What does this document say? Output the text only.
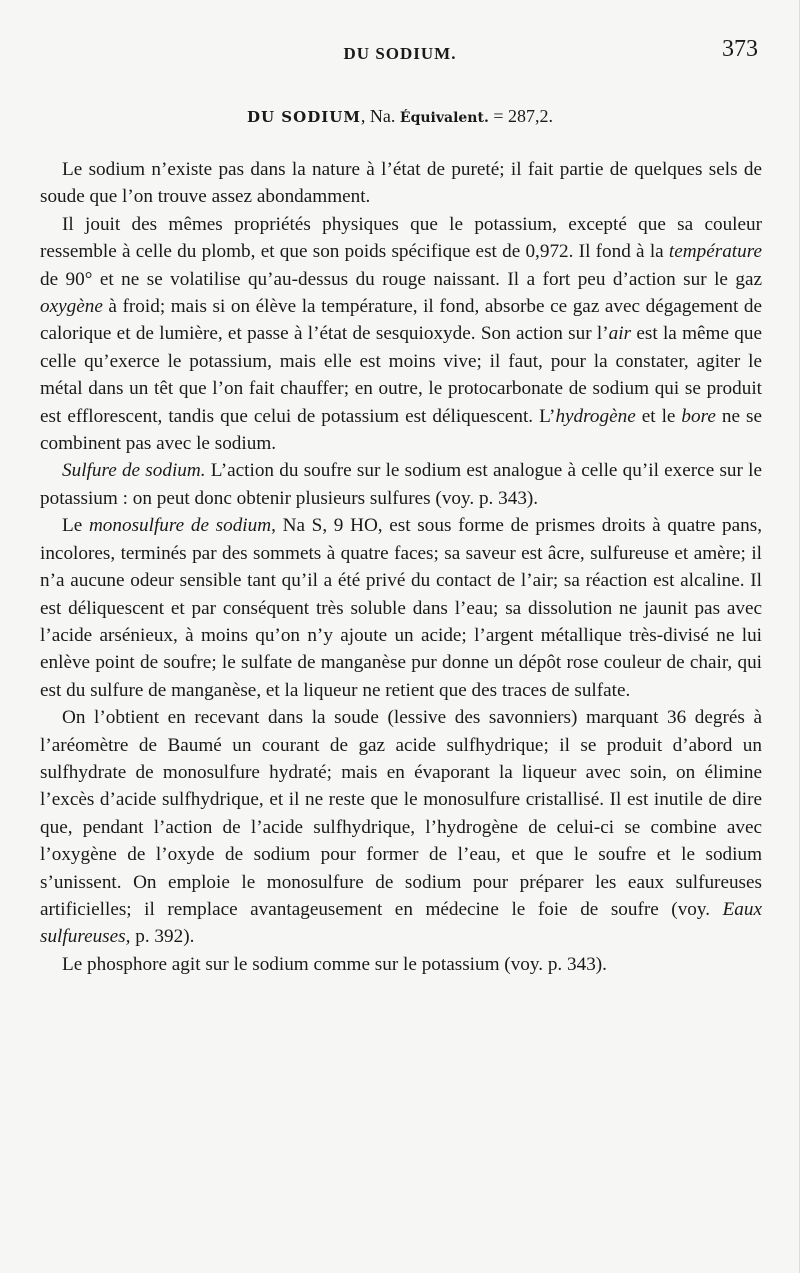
DU SODIUM.	373
DU SODIUM, Na. Équivalent. = 287,2.

Le sodium n’existe pas dans la nature à l’état de pureté; il fait partie de quelques sels de soude que l’on trouve assez abondamment.

Il jouit des mêmes propriétés physiques que le potassium, excepté que sa couleur ressemble à celle du plomb, et que son poids spécifique est de 0,972. Il fond à la température de 90° et ne se volatilise qu’au-dessus du rouge naissant. Il a fort peu d’action sur le gaz oxygène à froid; mais si on élève la température, il fond, absorbe ce gaz avec dégagement de calorique et de lumière, et passe à l’état de sesquioxyde. Son action sur l’air est la même que celle qu’exerce le potassium, mais elle est moins vive; il faut, pour la constater, agiter le métal dans un têt que l’on fait chauffer; en outre, le protocarbonate de sodium qui se produit est efflorescent, tandis que celui de potassium est déliquescent. L’hydrogène et le bore ne se combinent pas avec le sodium.

Sulfure de sodium. L’action du soufre sur le sodium est analogue à celle qu’il exerce sur le potassium : on peut donc obtenir plusieurs sulfures (voy. p. 343).

Le monosulfure de sodium, Na S, 9 HO, est sous forme de prismes droits à quatre pans, incolores, terminés par des sommets à quatre faces; sa saveur est âcre, sulfureuse et amère; il n’a aucune odeur sensible tant qu’il a été privé du contact de l’air; sa réaction est alcaline. Il est déliquescent et par conséquent très soluble dans l’eau; sa dissolution ne jaunit pas avec l’acide arsénieux, à moins qu’on n’y ajoute un acide; l’argent métallique très-divisé ne lui enlève point de soufre; le sulfate de manganèse pur donne un dépôt rose couleur de chair, qui est du sulfure de manganèse, et la liqueur ne retient que des traces de sulfate.

On l’obtient en recevant dans la soude (lessive des savonniers) marquant 36 degrés à l’aréomètre de Baumé un courant de gaz acide sulfhydrique; il se produit d’abord un sulfhydrate de monosulfure hydraté; mais en évaporant la liqueur avec soin, on élimine l’excès d’acide sulfhydrique, et il ne reste que le monosulfure cristallisé. Il est inutile de dire que, pendant l’action de l’acide sulfhydrique, l’hydrogène de celui-ci se combine avec l’oxygène de l’oxyde de sodium pour former de l’eau, et que le soufre et le sodium s’unissent. On emploie le monosulfure de sodium pour préparer les eaux sulfureuses artificielles; il remplace avantageusement en médecine le foie de soufre (voy. Eaux sulfureuses, p. 392).

Le phosphore agit sur le sodium comme sur le potassium (voy. p. 343).
